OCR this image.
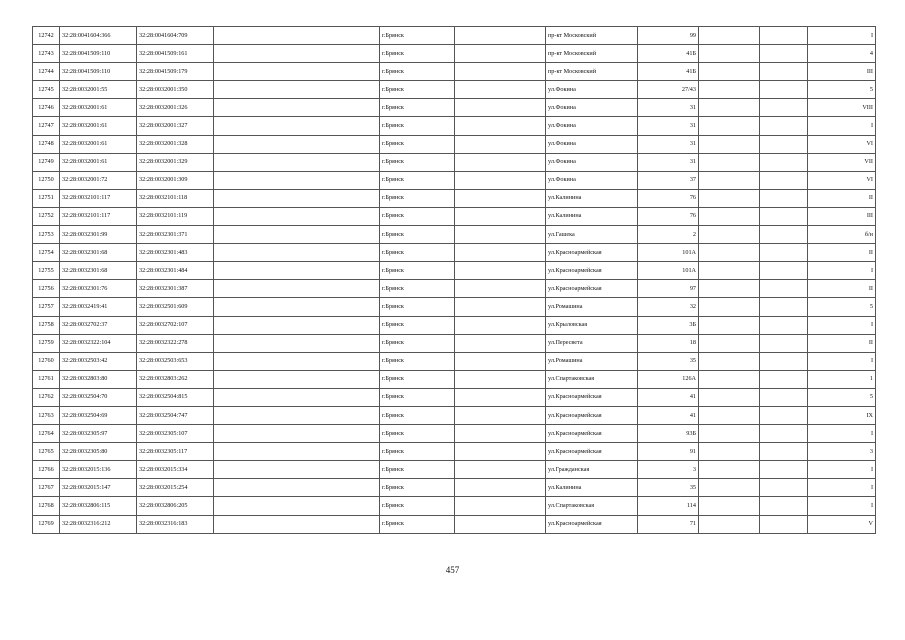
12742	32:28:0041604:366	32:28:0041604:709		г.Брянск		пр-кт Московский	99			I
12743	32:28:0041509:110	32:28:0041509:161		г.Брянск		пр-кт Московский	41Б			4
12744	32:28:0041509:110	32:28:0041509:179		г.Брянск		пр-кт Московский	41Б			III
12745	32:28:0032001:55	32:28:0032001:350		г.Брянск		ул.Фокина	27/43			5
12746	32:28:0032001:61	32:28:0032001:326		г.Брянск		ул.Фокина	31			VIII
12747	32:28:0032001:61	32:28:0032001:327		г.Брянск		ул.Фокина	31			I
12748	32:28:0032001:61	32:28:0032001:328		г.Брянск		ул.Фокина	31			VI
12749	32:28:0032001:61	32:28:0032001:329		г.Брянск		ул.Фокина	31			VII
12750	32:28:0032001:72	32:28:0032001:309		г.Брянск		ул.Фокина	37			VI
12751	32:28:0032101:117	32:28:0032101:118		г.Брянск		ул.Калинина	76			II
12752	32:28:0032101:117	32:28:0032101:119		г.Брянск		ул.Калинина	76			III
12753	32:28:0032301:99	32:28:0032301:371		г.Брянск		ул.Гашека	2			б/н
12754	32:28:0032301:68	32:28:0032301:483		г.Брянск		ул.Красноармейская	101А			II
12755	32:28:0032301:68	32:28:0032301:484		г.Брянск		ул.Красноармейская	101А			I
12756	32:28:0032301:76	32:28:0032301:387		г.Брянск		ул.Красноармейская	97			II
12757	32:28:0032419:41	32:28:0032501:609		г.Брянск		ул.Ромашина	32			5
12758	32:28:0032702:37	32:28:0032702:107		г.Брянск		ул.Крыловская	3Б			I
12759	32:28:0032322:104	32:28:0032322:278		г.Брянск		ул.Пересвета	18			II
12760	32:28:0032503:42	32:28:0032503:653		г.Брянск		ул.Ромашина	35			I
12761	32:28:0032803:80	32:28:0032803:262		г.Брянск		ул.Спартаковская	126А			1
12762	32:28:0032504:70	32:28:0032504:815		г.Брянск		ул.Красноармейская	41			5
12763	32:28:0032504:69	32:28:0032504:747		г.Брянск		ул.Красноармейская	41			IX
12764	32:28:0032305:97	32:28:0032305:107		г.Брянск		ул.Красноармейская	93Б			I
12765	32:28:0032305:80	32:28:0032305:117		г.Брянск		ул.Красноармейская	91			3
12766	32:28:0032015:136	32:28:0032015:334		г.Брянск		ул.Гражданская	3			I
12767	32:28:0032015:147	32:28:0032015:254		г.Брянск		ул.Калинина	35			I
12768	32:28:0032806:115	32:28:0032806:205		г.Брянск		ул.Спартаковская	114			I
12769	32:28:0032316:212	32:28:0032316:183		г.Брянск		ул.Красноармейская	71			V
457
